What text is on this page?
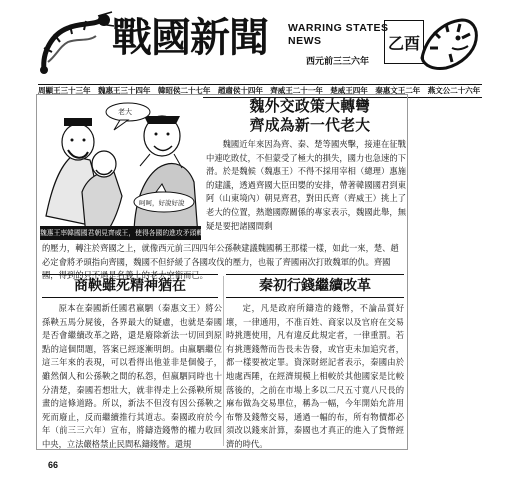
戰國新聞 WARRING STATES
NEWS	乙酉
西元前三三六年
周顯王三十三年　魏惠王三十四年　韓昭侯二十七年　趙肅侯十四年　齊威王二十一年　楚威王四年　秦惠文王二年　燕文公二十六年
老大
呵呵，好說好說
魏惠王率韓國國君朝見齊威王，使得各國的進攻矛頭轉向齊國
魏外交政策大轉彎
齊成為新一代老大
魏國近年來因為齊、秦、楚等國夾擊，接連在征戰中連吃敗仗，不但蒙受了極大的損失，國力也急速的下滑。於是魏候（魏惠王）不得不採用宰相（總理）惠施的建議，透過齊國大臣田嬰的安排，帶著韓國國君到東阿（山東境內）朝見齊君，對田氏齊（齊威王）挑上了老大的位置，熱邀國際關係的專家表示，魏國此舉，無疑是要把諸國間剩
的壓力，轉注於齊國之上，就像西元前三四四年公孫鞅建議魏國稱王那樣一樣，如此一來，楚、趙必定會將矛頭指向齊國，魏國不但紓緩了各國攻伐的壓力，也報了齊國兩次打敗魏軍的仇。齊國國，得到的只不過是名義上的老大空銜而已。
商鞅雖死精神猶在	秦初行錢繼續改革
原本在秦國新任國君嬴駟（秦惠文王）將公孫鞅五馬分屍後，各界最大的疑慮，也就是秦國是否會繼續改革之路，還是廢除新法一切回到原點的這個問題，答案已經逐漸明朗。由嬴駟繼位這三年來的表現，可以看得出他並非是個傻子，雖然個人和公孫鞅之間的私怨，但嬴駟同時也十分清楚，秦國若想壯大，就非得走上公孫鞅所規畫的這條道路。所以，新法不但沒有因公孫鞅之死而廢止，反而繼續推行其道志。秦國政府於今年（前三三六年）宣布，將鑄造錢幣的權力收回中央，立法嚴格禁止民間私鑄錢幣。還規
定，凡是政府所鑄造的錢幣，不論品質好壞，一律通用，不准百姓、商家以及官府在交易時挑選使用，凡有違反此規定者，一律重罰。若有挑選錢幣而告長未告發，或官吏未加追究者，都一樣要被定罪。資深財經記者表示，秦國由於地處西陲，在經濟規模上相較於其他國家是比較落後的，之前在市場上多以二尺五寸寬八尺長的麻布做為交易單位，稱為一幅，今年開始允許用布幣及錢幣交易，通過一幅的布，所有物價都必須改以錢來計算，秦國也才真正的進入了貨幣經濟的時代。
66
